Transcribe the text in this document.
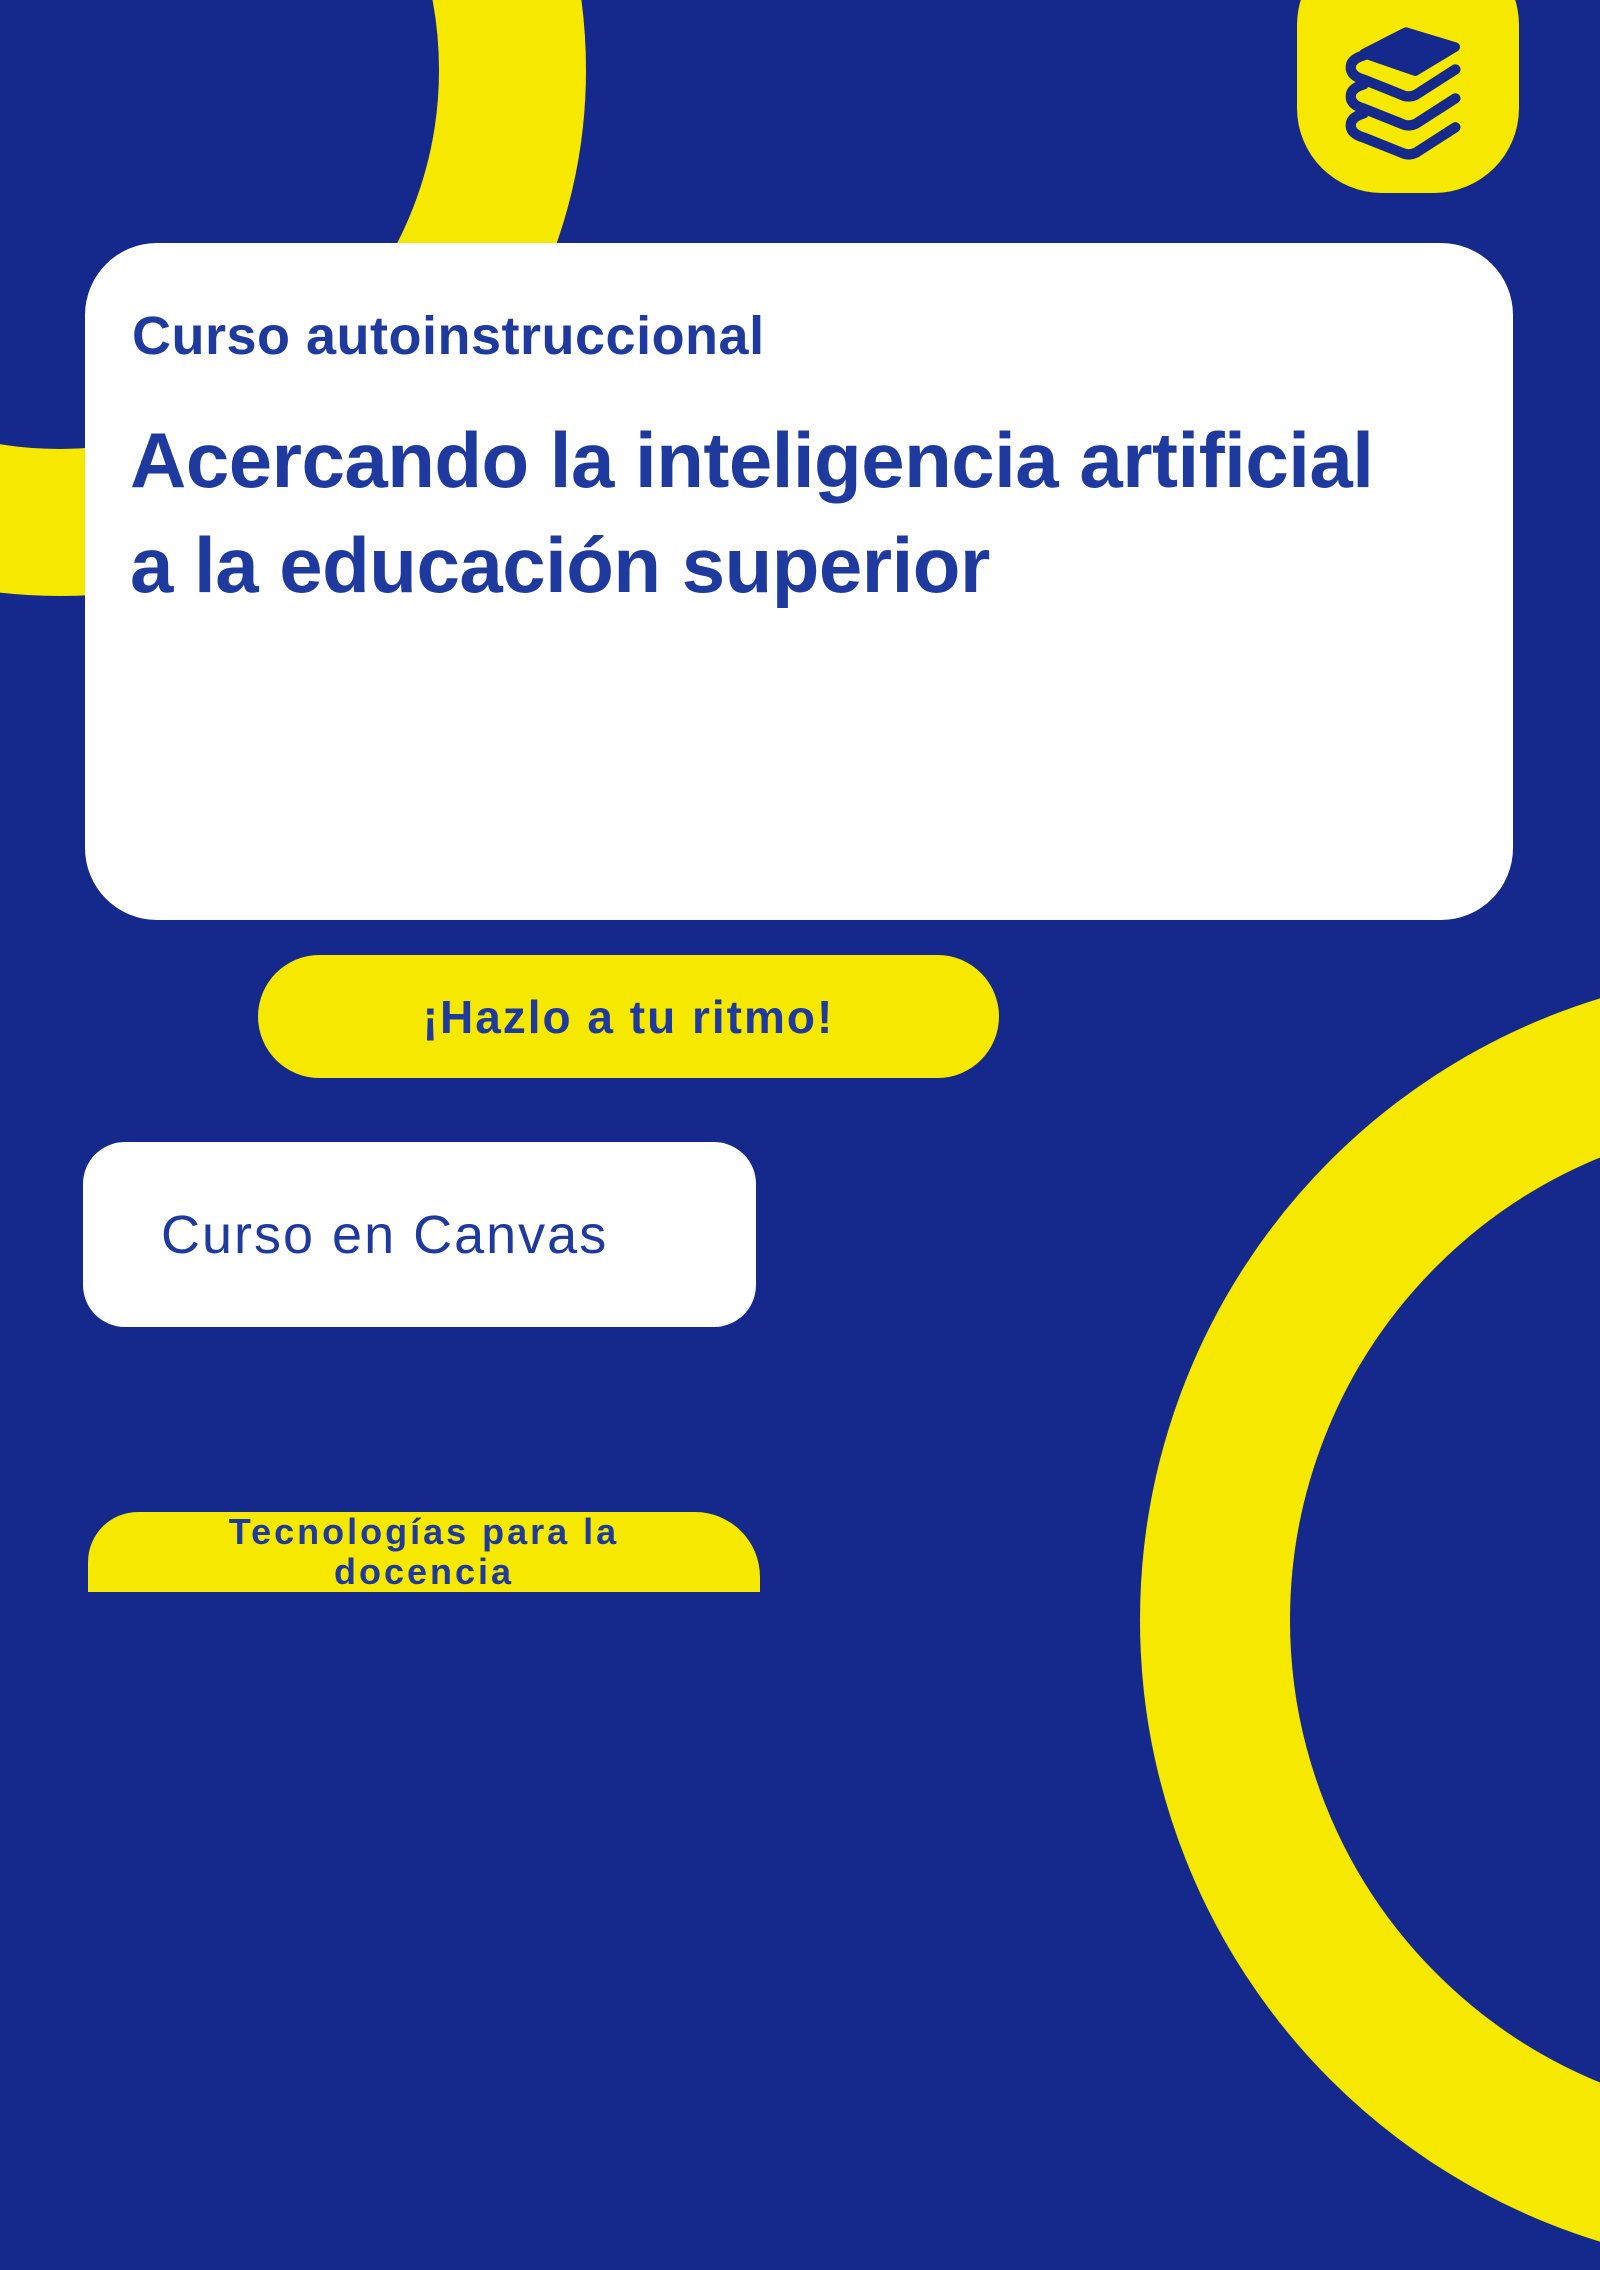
Curso autoinstruccional
Acercando la inteligencia artificial a la educación superior
¡Hazlo a tu ritmo!
Curso en Canvas
Tecnologías para la docencia
